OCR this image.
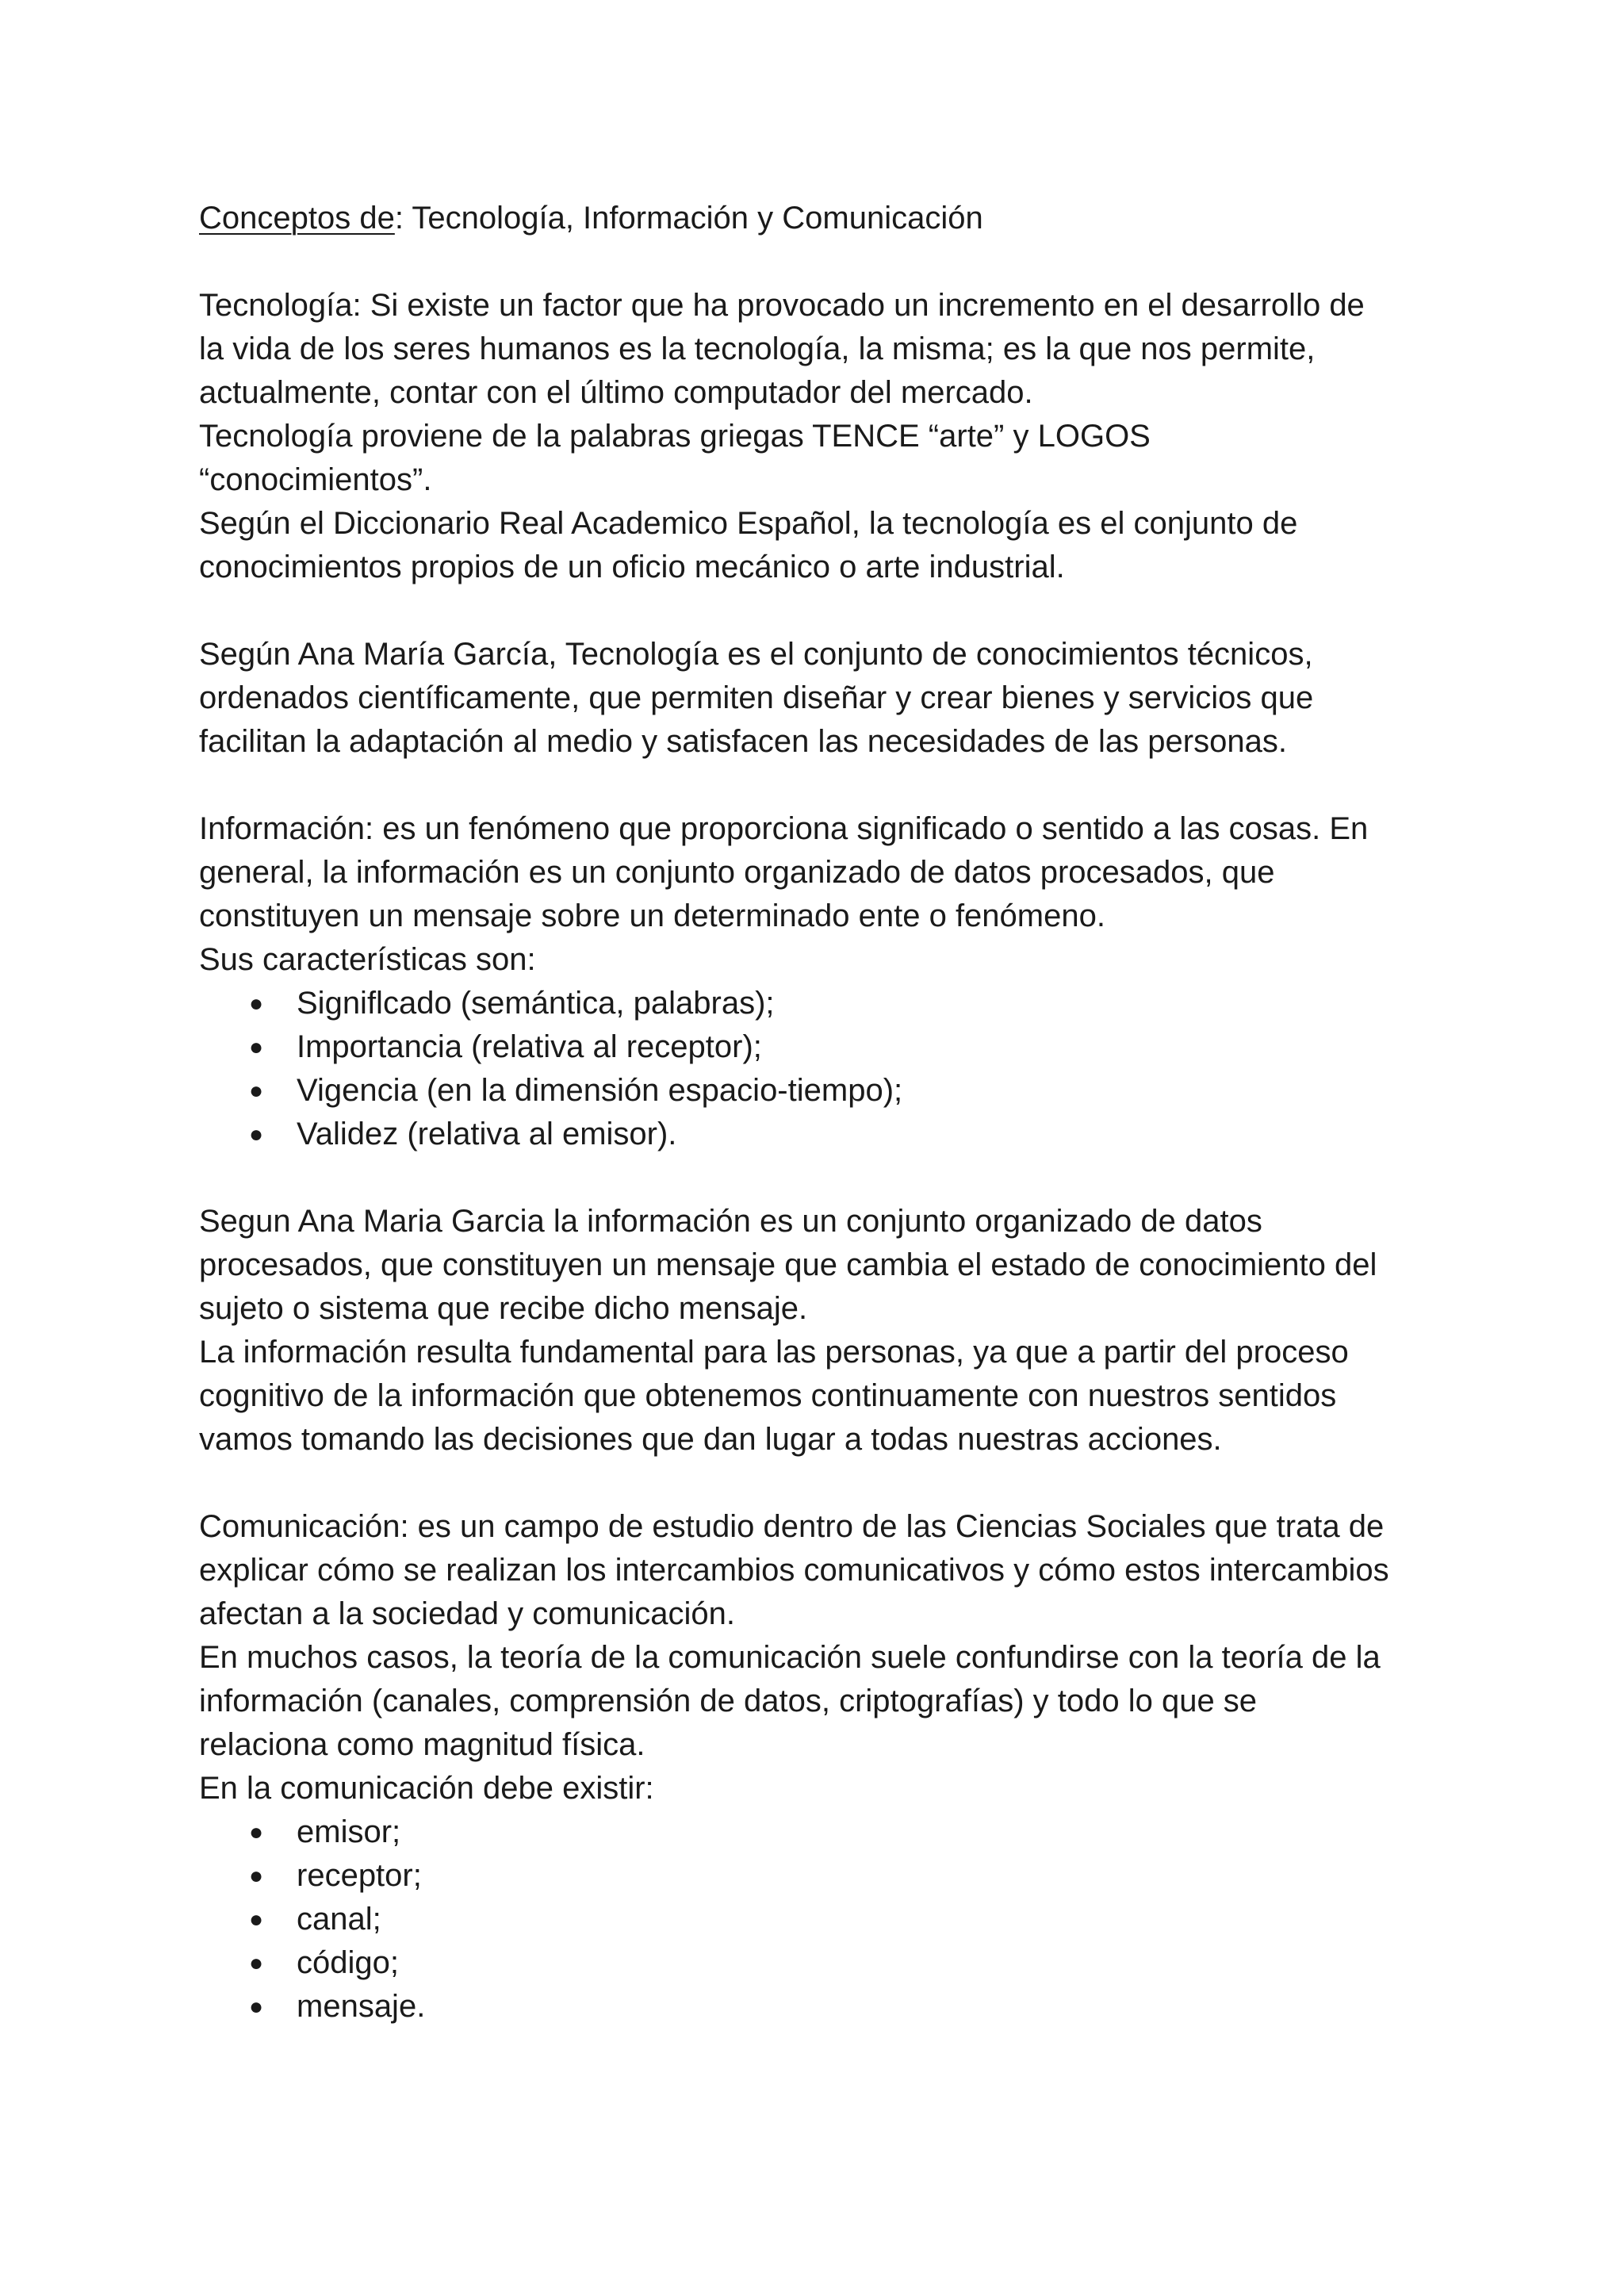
Conceptos de: Tecnología, Información y Comunicación

Tecnología: Si existe un factor que ha provocado un incremento en el desarrollo de

la vida de los seres humanos es la tecnología, la misma; es la que nos permite,

actualmente, contar con el último computador del mercado.

Tecnología proviene de la palabras griegas TENCE “arte” y LOGOS

“conocimientos”.

Según el Diccionario Real Academico Español, la tecnología es el conjunto de

conocimientos propios de un oficio mecánico o arte industrial.

Según Ana María García, Tecnología es el conjunto de conocimientos técnicos,

ordenados científicamente, que permiten diseñar y crear bienes y servicios que

facilitan la adaptación al medio y satisfacen las necesidades de las personas.

Información: es un fenómeno que proporciona significado o sentido a las cosas. En

general, la información es un conjunto organizado de datos procesados, que

constituyen un mensaje sobre un determinado ente o fenómeno.

Sus características son:

● Signiflcado (semántica, palabras);
● Importancia (relativa al receptor);
● Vigencia (en la dimensión espacio-tiempo);
● Validez (relativa al emisor).

Segun Ana Maria Garcia la información es un conjunto organizado de datos

procesados, que constituyen un mensaje que cambia el estado de conocimiento del

sujeto o sistema que recibe dicho mensaje.

La información resulta fundamental para las personas, ya que a partir del proceso

cognitivo de la información que obtenemos continuamente con nuestros sentidos

vamos tomando las decisiones que dan lugar a todas nuestras acciones.

Comunicación: es un campo de estudio dentro de las Ciencias Sociales que trata de

explicar cómo se realizan los intercambios comunicativos y cómo estos intercambios

afectan a la sociedad y comunicación.

En muchos casos, la teoría de la comunicación suele confundirse con la teoría de la

información (canales, comprensión de datos, criptografías) y todo lo que se

relaciona como magnitud física.

En la comunicación debe existir:

● emisor;
● receptor;
● canal;
● código;
● mensaje.
